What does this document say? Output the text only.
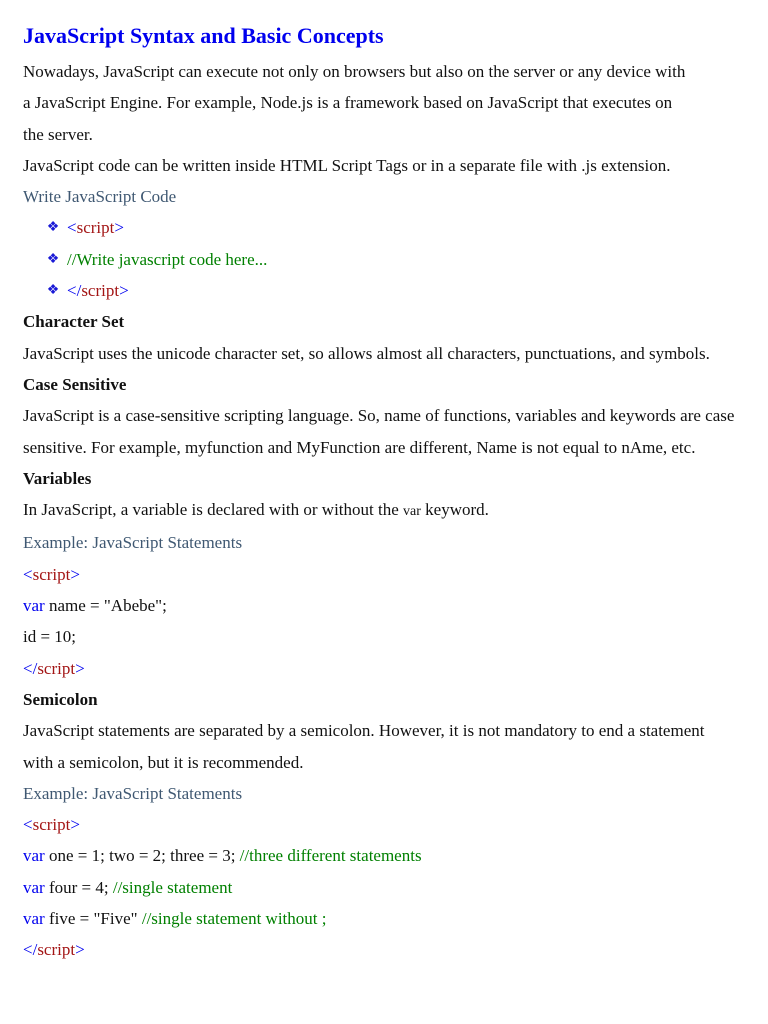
JavaScript Syntax and Basic Concepts
Nowadays, JavaScript can execute not only on browsers but also on the server or any device with
a JavaScript Engine. For example, Node.js is a framework based on JavaScript that executes on
the server.
JavaScript code can be written inside HTML Script Tags or in a separate file with .js extension.
Write JavaScript Code
❖ < script >
❖ //Write javascript code here...
❖ </ script >
Character Set
JavaScript uses the unicode character set, so allows almost all characters, punctuations, and symbols.
Case Sensitive
JavaScript is a case-sensitive scripting language. So, name of functions, variables and keywords are case
sensitive. For example, myfunction and MyFunction are different, Name is not equal to nAme, etc.
Variables
In JavaScript, a variable is declared with or without the var keyword.
Example: JavaScript Statements
<script>
var name = "Abebe";
id = 10;
</script>
Semicolon
JavaScript statements are separated by a semicolon. However, it is not mandatory to end a statement
with a semicolon, but it is recommended.
Example: JavaScript Statements
<script>
var one = 1; two = 2; three = 3; //three different statements
var four = 4; //single statement
var five = "Five" //single statement without ;
</script>
